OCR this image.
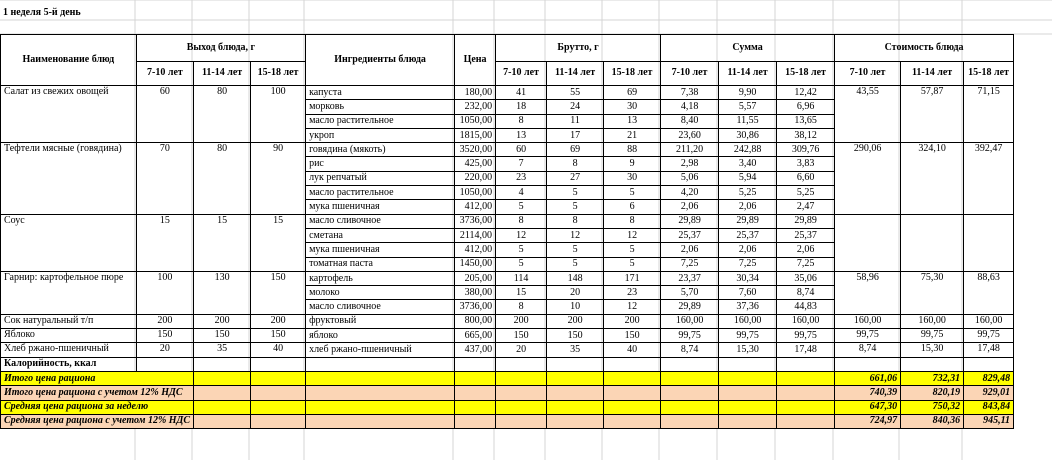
1 неделя 5-й день
Наименование блюд	Выход блюда, г			Ингредиенты блюда	Цена	Брутто, г			Сумма			Стоимость блюда		
	7-10 лет	11-14 лет	15-18 лет			7-10 лет	11-14 лет	15-18 лет	7-10 лет	11-14 лет	15-18 лет	7-10 лет	11-14 лет	15-18 лет
Салат из свежих овощей	60	80	100	капуста	180,00	41	55	69	7,38	9,90	12,42	43,55	57,87	71,15
				морковь	232,00	18	24	30	4,18	5,57	6,96			
				масло растительное	1050,00	8	11	13	8,40	11,55	13,65			
				укроп	1815,00	13	17	21	23,60	30,86	38,12			
Тефтели мясные (говядина)	70	80	90	говядина (мякоть)	3520,00	60	69	88	211,20	242,88	309,76	290,06	324,10	392,47
				рис	425,00	7	8	9	2,98	3,40	3,83			
				лук репчатый	220,00	23	27	30	5,06	5,94	6,60			
				масло растительное	1050,00	4	5	5	4,20	5,25	5,25			
				мука пшеничная	412,00	5	5	6	2,06	2,06	2,47			
Соус	15	15	15	масло сливочное	3736,00	8	8	8	29,89	29,89	29,89			
				сметана	2114,00	12	12	12	25,37	25,37	25,37			
				мука пшеничная	412,00	5	5	5	2,06	2,06	2,06			
				томатная паста	1450,00	5	5	5	7,25	7,25	7,25			
Гарнир: картофельное пюре	100	130	150	картофель	205,00	114	148	171	23,37	30,34	35,06	58,96	75,30	88,63
				молоко	380,00	15	20	23	5,70	7,60	8,74			
				масло сливочное	3736,00	8	10	12	29,89	37,36	44,83			
Сок натуральный т/п	200	200	200	фруктовый	800,00	200	200	200	160,00	160,00	160,00	160,00	160,00	160,00
Яблоко	150	150	150	яблоко	665,00	150	150	150	99,75	99,75	99,75	99,75	99,75	99,75
Хлеб ржано-пшеничный	20	35	40	хлеб ржано-пшеничный	437,00	20	35	40	8,74	15,30	17,48	8,74	15,30	17,48
Калорийность, ккал														
Итого цена рациона												661,06	732,31	829,48
Итого цена рациона с учетом 12% НДС												740,39	820,19	929,01
Средняя цена рациона за неделю												647,30	750,32	843,84
Средняя цена рациона с учетом 12% НДС												724,97	840,36	945,11
